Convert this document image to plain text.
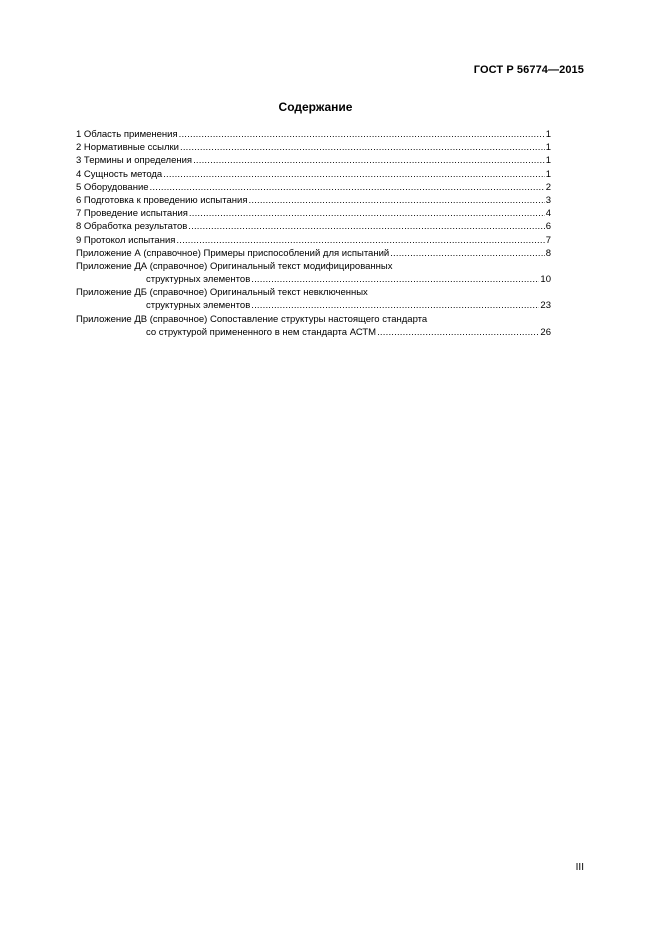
ГОСТ Р 56774—2015
Содержание
1 Область применения .....	1
2 Нормативные ссылки .....	1
3 Термины и определения .....	1
4 Сущность метода .....	1
5 Оборудование .....	2
6 Подготовка к проведению испытания .....	3
7 Проведение испытания .....	4
8 Обработка результатов .....	6
9 Протокол испытания .....	7
Приложение А (справочное) Примеры приспособлений для испытаний .....	8
Приложение ДА (справочное) Оригинальный текст модифицированных
структурных элементов .....	10
Приложение ДБ (справочное) Оригинальный текст невключенных
структурных элементов .....	23
Приложение ДВ (справочное) Сопоставление структуры настоящего стандарта
со структурой примененного в нем стандарта АСТМ .....	26
III
